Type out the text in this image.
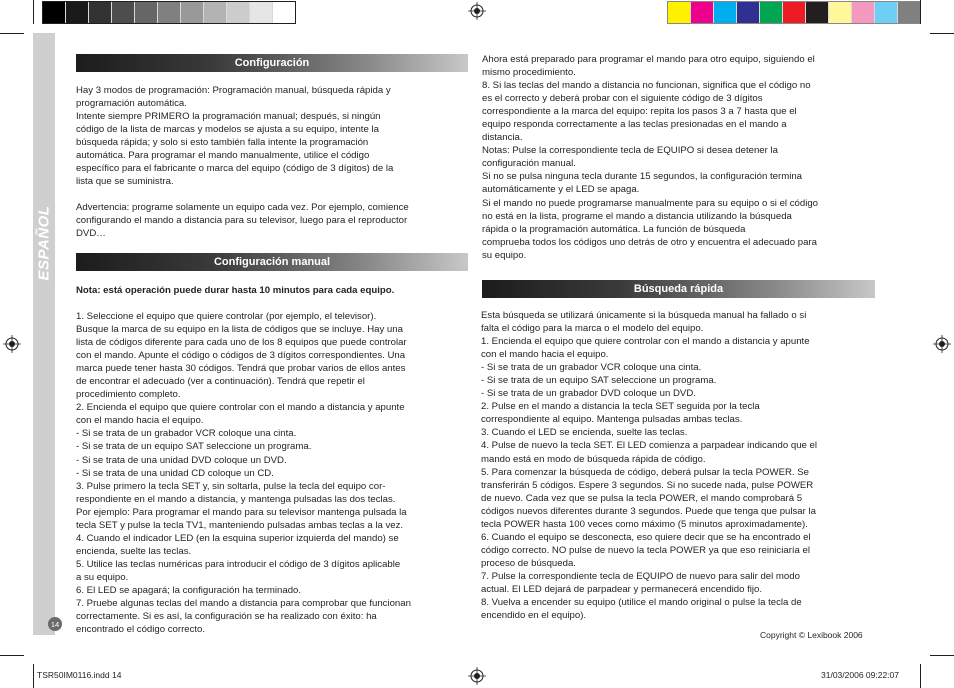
ESPAÑOL
14
Configuración

Hay 3 modos de programación: Programación manual, búsqueda rápida y

programación automática.

Intente siempre PRIMERO la programación manual; después, si ningún

código de la lista de marcas y modelos se ajusta a su equipo, intente la

búsqueda rápida; y solo si esto también falla intente la programación

automática. Para programar el mando manualmente, utilice el código

específico para el fabricante o marca del equipo (código de 3 dígitos) de la

lista que se suministra.

Advertencia: programe solamente un equipo cada vez. Por ejemplo, comience

configurando el mando a distancia para su televisor, luego para el reproductor

DVD…

Configuración manual

Nota: está operación puede durar hasta 10 minutos para cada equipo.

1. Seleccione el equipo que quiere controlar (por ejemplo, el televisor).

Busque la marca de su equipo en la lista de códigos que se incluye. Hay una

lista de códigos diferente para cada uno de los 8 equipos que puede controlar

con el mando. Apunte el código o códigos de 3 dígitos correspondientes. Una

marca puede tener hasta 30 códigos. Tendrá que probar varios de ellos antes

de encontrar el adecuado (ver a continuación). Tendrá que repetir el

procedimiento completo.

2. Encienda el equipo que quiere controlar con el mando a distancia y apunte

con el mando hacia el equipo.

- Si se trata de un grabador VCR coloque una cinta.

- Si se trata de un equipo SAT seleccione un programa.

- Si se trata de una unidad DVD coloque un DVD.

- Si se trata de una unidad CD coloque un CD.

3. Pulse primero la tecla SET y, sin soltarla, pulse la tecla del equipo cor-

respondiente en el mando a distancia, y mantenga pulsadas las dos teclas.

Por ejemplo: Para programar el mando para su televisor mantenga pulsada la

tecla SET y pulse la tecla TV1, manteniendo pulsadas ambas teclas a la vez.

4. Cuando el indicador LED (en la esquina superior izquierda del mando) se

encienda, suelte las teclas.

5. Utilice las teclas numéricas para introducir el código de 3 dígitos aplicable

a su equipo.

6. El LED se apagará; la configuración ha terminado.

7. Pruebe algunas teclas del mando a distancia para comprobar que funcionan

correctamente. Si es así, la configuración se ha realizado con éxito: ha

encontrado el código correcto.

Ahora está preparado para programar el mando para otro equipo, siguiendo el

mismo procedimiento.

8. Si las teclas del mando a distancia no funcionan, significa que el código no

es el correcto y deberá probar con el siguiente código de 3 dígitos

correspondiente a la marca del equipo: repita los pasos 3 a 7 hasta que el

equipo responda correctamente a las teclas presionadas en el mando a

distancia.

Notas: Pulse la correspondiente tecla de EQUIPO si desea detener la

configuración manual.

Si no se pulsa ninguna tecla durante 15 segundos, la configuración termina

automáticamente y el LED se apaga.

Si el mando no puede programarse manualmente para su equipo o si el código

no está en la lista, programe el mando a distancia utilizando la búsqueda

rápida o la programación automática. La función de búsqueda

comprueba todos los códigos uno detrás de otro y encuentra el adecuado para

su equipo.

Búsqueda rápida

Esta búsqueda se utilizará únicamente si la búsqueda manual ha fallado o si

falta el código para la marca o el modelo del equipo.

1. Encienda el equipo que quiere controlar con el mando a distancia y apunte

con el mando hacia el equipo.

- Si se trata de un grabador VCR coloque una cinta.

- Si se trata de un equipo SAT seleccione un programa.

- Si se trata de un grabador DVD coloque un DVD.

2. Pulse en el mando a distancia la tecla SET seguida por la tecla

correspondiente al equipo. Mantenga pulsadas ambas teclas.

3. Cuando el LED se encienda, suelte las teclas.

4. Pulse de nuevo la tecla SET. El LED comienza a parpadear indicando que el

mando está en modo de búsqueda rápida de código.

5. Para comenzar la búsqueda de código, deberá pulsar la tecla POWER. Se

transferirán 5 códigos. Espere 3 segundos. Si no sucede nada, pulse POWER

de nuevo. Cada vez que se pulsa la tecla POWER, el mando comprobará 5

códigos nuevos diferentes durante 3 segundos. Puede que tenga que pulsar la

tecla POWER hasta 100 veces como máximo (5 minutos aproximadamente).

6. Cuando el equipo se desconecta, eso quiere decir que se ha encontrado el

código correcto. NO pulse de nuevo la tecla POWER ya que eso reiniciaría el

proceso de búsqueda.

7. Pulse la correspondiente tecla de EQUIPO de nuevo para salir del modo

actual. El LED dejará de parpadear y permanecerá encendido fijo.

8. Vuelva a encender su equipo (utilice el mando original o pulse la tecla de

encendido en el equipo).

Copyright © Lexibook 2006
TSR50IM0116.indd 14	31/03/2006 09:22:07
